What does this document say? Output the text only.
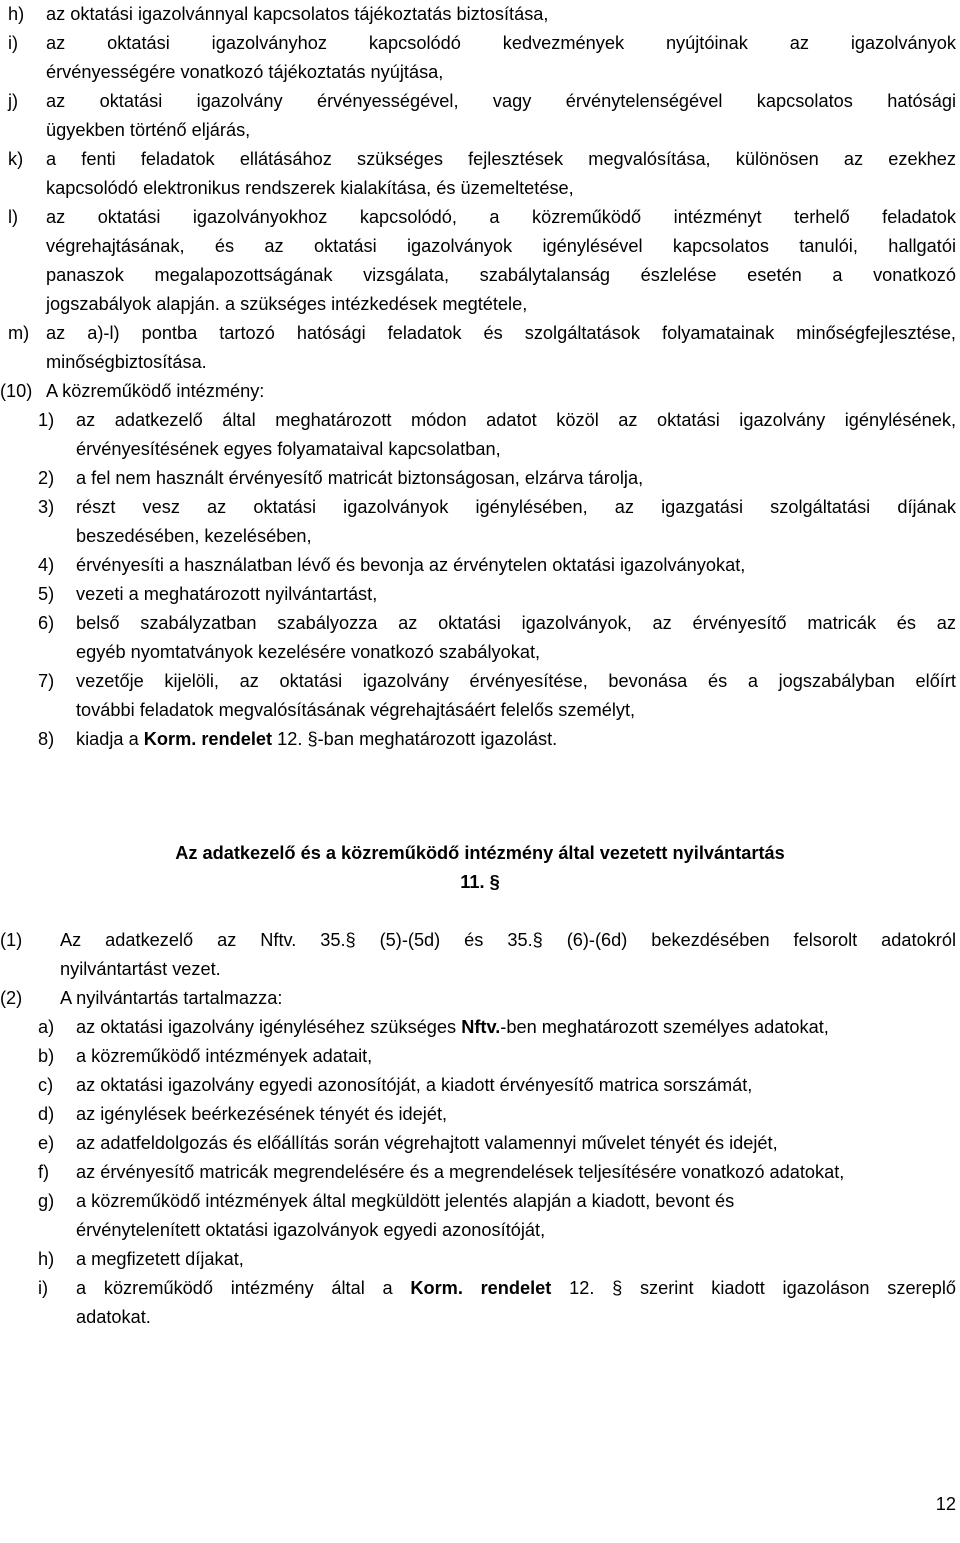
h) az oktatási igazolvánnyal kapcsolatos tájékoztatás biztosítása,
i) az oktatási igazolványhoz kapcsolódó kedvezmények nyújtóinak az igazolványok
érvényességére vonatkozó tájékoztatás nyújtása,
j) az oktatási igazolvány érvényességével, vagy érvénytelenségével kapcsolatos hatósági
ügyekben történő eljárás,
k) a fenti feladatok ellátásához szükséges fejlesztések megvalósítása, különösen az ezekhez
kapcsolódó elektronikus rendszerek kialakítása, és üzemeltetése,
l) az oktatási igazolványokhoz kapcsolódó, a közreműködő intézményt terhelő feladatok
végrehajtásának, és az oktatási igazolványok igénylésével kapcsolatos tanulói, hallgatói
panaszok megalapozottságának vizsgálata, szabálytalanság észlelése esetén a vonatkozó
jogszabályok alapján. a szükséges intézkedések megtétele,
m) az a)-l) pontba tartozó hatósági feladatok és szolgáltatások folyamatainak minőségfejlesztése,
minőségbiztosítása.
(10) A közreműködő intézmény:
1) az adatkezelő által meghatározott módon adatot közöl az oktatási igazolvány igénylésének,
érvényesítésének egyes folyamataival kapcsolatban,
2) a fel nem használt érvényesítő matricát biztonságosan, elzárva tárolja,
3) részt vesz az oktatási igazolványok igénylésében, az igazgatási szolgáltatási díjának
beszedésében, kezelésében,
4) érvényesíti a használatban lévő és bevonja az érvénytelen oktatási igazolványokat,
5) vezeti a meghatározott nyilvántartást,
6) belső szabályzatban szabályozza az oktatási igazolványok, az érvényesítő matricák és az
egyéb nyomtatványok kezelésére vonatkozó szabályokat,
7) vezetője kijelöli, az oktatási igazolvány érvényesítése, bevonása és a jogszabályban előírt
további feladatok megvalósításának végrehajtásáért felelős személyt,
8) kiadja a Korm. rendelet 12. §-ban meghatározott igazolást.
Az adatkezelő és a közreműködő intézmény által vezetett nyilvántartás
11. §
(1) Az adatkezelő az Nftv. 35.§ (5)-(5d) és 35.§ (6)-(6d) bekezdésében felsorolt adatokról
nyilvántartást vezet.
(2) A nyilvántartás tartalmazza:
a) az oktatási igazolvány igényléséhez szükséges Nftv.-ben meghatározott személyes adatokat,
b) a közreműködő intézmények adatait,
c) az oktatási igazolvány egyedi azonosítóját, a kiadott érvényesítő matrica sorszámát,
d) az igénylések beérkezésének tényét és idejét,
e) az adatfeldolgozás és előállítás során végrehajtott valamennyi művelet tényét és idejét,
f) az érvényesítő matricák megrendelésére és a megrendelések teljesítésére vonatkozó adatokat,
g) a közreműködő intézmények által megküldött jelentés alapján a kiadott, bevont és
érvénytelenített oktatási igazolványok egyedi azonosítóját,
h) a megfizetett díjakat,
i) a közreműködő intézmény által a Korm. rendelet 12. § szerint kiadott igazoláson szereplő
adatokat.
12
